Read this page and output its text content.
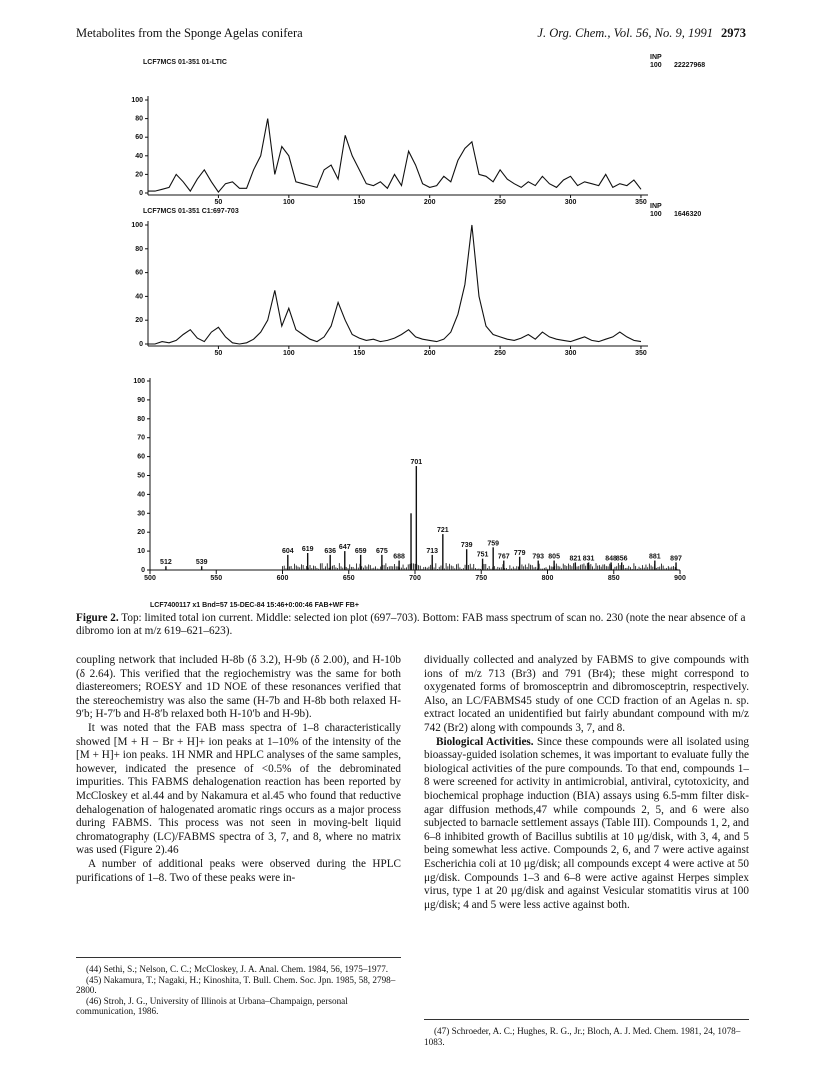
Metabolites from the Sponge Agelas conifera	J. Org. Chem., Vol. 56, No. 9, 1991 2973
LCF7MCS 01-351 01-LTIC
INP
100 22227968
100
80
60
40
20
0
50	100	150	200	250	300	350
LCF7MCS 01-351 C1:697-703
INP
100 1646320
100
80
60
40
20
0
50	100	150	200	250	300	350
100
90
80
70
60
50
40
30
20
10
0
500	550	600	650	700	750	800	850	900
512	539
604 619 636
647
659 675
688
701
713
721
739
751
759
767
779
793 805 821 831 848
856	881 897
LCF7400117 x1 Bnd=57 15-DEC-84 15:46+0:00:46 FAB+WF FB+
Figure 2. Top: limited total ion current. Middle: selected ion plot (697–703). Bottom: FAB mass spectrum of scan no. 230 (note the near absence of a dibromo ion at m/z 619–621–623).

coupling network that included H-8b (δ 3.2), H-9b (δ 2.00), and H-10b (δ 2.64). This verified that the regiochemistry was the same for both diastereomers; ROESY and 1D NOE of these resonances verified that the stereochemistry was also the same (H-7b and H-8b both relaxed H-9′b; H-7′b and H-8′b relaxed both H-10′b and H-9b).

It was noted that the FAB mass spectra of 1–8 characteristically showed [M + H − Br + H]+ ion peaks at 1–10% of the intensity of the [M + H]+ ion peaks. 1H NMR and HPLC analyses of the same samples, however, indicated the presence of <0.5% of the debrominated impurities. This FABMS dehalogenation reaction has been reported by McCloskey et al.44 and by Nakamura et al.45 who found that reductive dehalogenation of halogenated aromatic rings occurs as a major process during FABMS. This process was not seen in moving-belt liquid chromatography (LC)/FABMS spectra of 3, 7, and 8, where no matrix was used (Figure 2).46

A number of additional peaks were observed during the HPLC purifications of 1–8. Two of these peaks were in-

dividually collected and analyzed by FABMS to give compounds with ions of m/z 713 (Br3) and 791 (Br4); these might correspond to oxygenated forms of bromosceptrin and dibromosceptrin, respectively. Also, an LC/FABMS45 study of one CCD fraction of an Agelas n. sp. extract located an unidentified but fairly abundant compound with m/z 742 (Br2) along with compounds 3, 7, and 8.

Biological Activities. Since these compounds were all isolated using bioassay-guided isolation schemes, it was important to evaluate fully the biological activities of the pure compounds. To that end, compounds 1–8 were screened for activity in antimicrobial, antiviral, cytotoxicity, and biochemical prophage induction (BIA) assays using 6.5-mm filter disk-agar diffusion methods,47 while compounds 2, 5, and 6 were also subjected to barnacle settlement assays (Table III). Compounds 1, 2, and 6–8 inhibited growth of Bacillus subtilis at 10 μg/disk, with 3, 4, and 5 being somewhat less active. Compounds 2, 6, and 7 were active against Escherichia coli at 10 μg/disk; all compounds except 4 were active at 50 μg/disk. Compounds 1–3 and 6–8 were active against Herpes simplex virus, type 1 at 20 μg/disk and against Vesicular stomatitis virus at 100 μg/disk; 4 and 5 were less active against both.

(44) Sethi, S.; Nelson, C. C.; McCloskey, J. A. Anal. Chem. 1984, 56, 1975–1977.

(45) Nakamura, T.; Nagaki, H.; Kinoshita, T. Bull. Chem. Soc. Jpn. 1985, 58, 2798–2800.

(46) Stroh, J. G., University of Illinois at Urbana–Champaign, personal communication, 1986.

(47) Schroeder, A. C.; Hughes, R. G., Jr.; Bloch, A. J. Med. Chem. 1981, 24, 1078–1083.
